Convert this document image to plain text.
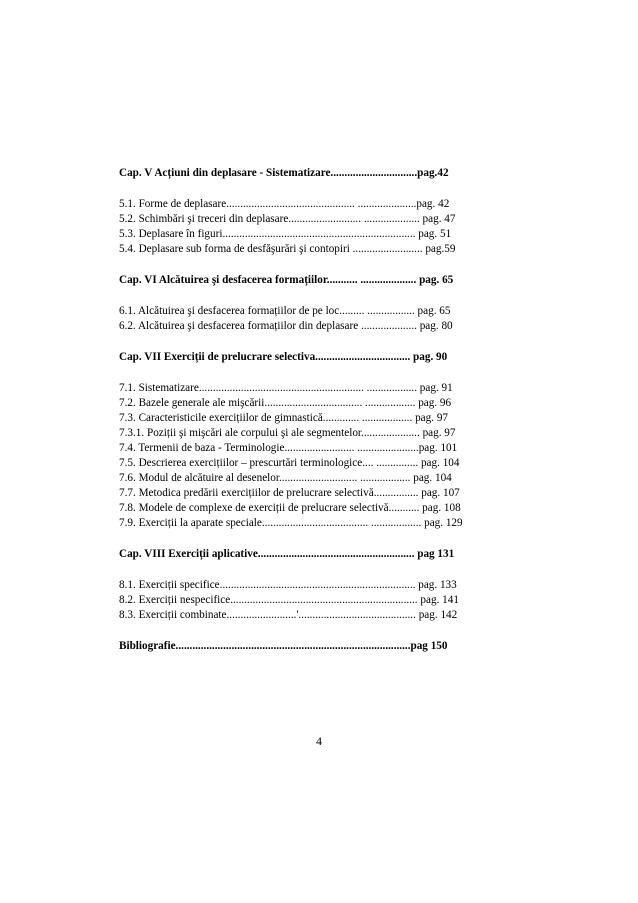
Cap. V Acțiuni din deplasare - Sistematizare...............................pag.42
5.1. Forme de deplasare.............................................. .....................pag. 42
5.2. Schimbări şi treceri din deplasare.......................... .................... pag. 47
5.3. Deplasare în figuri..................................................................... pag. 51
5.4. Deplasare sub forma de desfăşurări şi contopiri ......................... pag.59
Cap. VI Alcătuirea şi desfacerea formațiilor........... .................... pag. 65
6.1. Alcătuirea şi desfacerea formațiilor de pe loc......... ................. pag. 65
6.2. Alcătuirea şi desfacerea formațiilor din deplasare .................... pag. 80
Cap. VII Exerciții de prelucrare selectiva.................................. pag. 90
7.1. Sistematizare........................................................... .................. pag. 91
7.2. Bazele generale ale mişcării................................... .................. pag. 96
7.3. Caracteristicile exercițiilor de gimnastică............. .................. pag. 97
7.3.1. Poziții şi mişcări ale corpului şi ale segmentelor..................... pag. 97
7.4. Termenii de baza - Terminologie......................... ......................pag. 101
7.5. Descrierea exercițiilor – prescurtări terminologice.... ............... pag. 104
7.6. Modul de alcătuire al desenelor............................ .................. pag. 104
7.7. Metodica predării exercițiilor de prelucrare selectivă................ pag. 107
7.8. Modele de complexe de exerciții de prelucrare selectivă........... pag. 108
7.9. Exerciții la aparate speciale...................................... .................. pag. 129
Cap. VIII Exerciții aplicative........................................................ pag 131
8.1. Exerciții specifice...................................................................... pag. 133
8.2. Exerciții nespecifice................................................................... pag. 141
8.3. Exerciții combinate.........................'.......................................... pag. 142
Bibliografie....................................................................................pag 150
4
